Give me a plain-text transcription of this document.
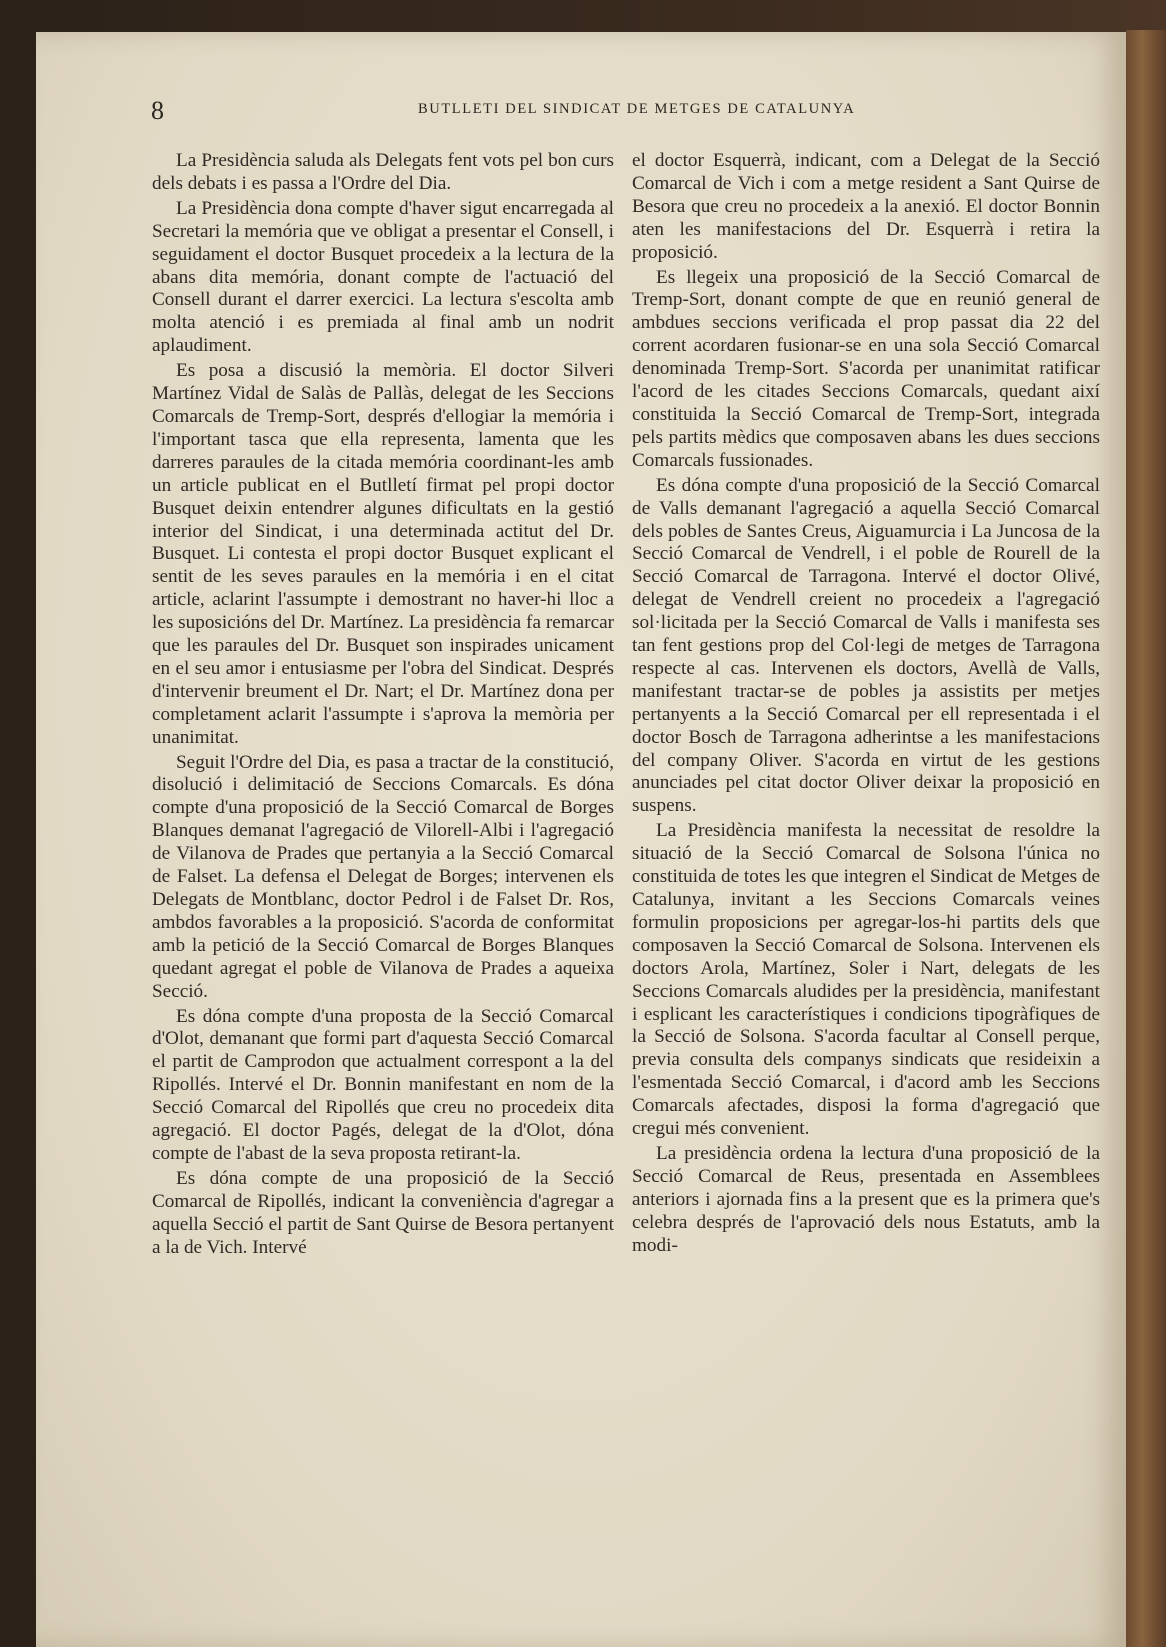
8	BUTLLETI DEL SINDICAT DE METGES DE CATALUNYA

La Presidència saluda als Delegats fent vots pel bon curs dels debats i es passa a l'Ordre del Dia.

La Presidència dona compte d'haver sigut encarregada al Secretari la memória que ve obligat a presentar el Consell, i seguidament el doctor Busquet procedeix a la lectura de la abans dita memória, donant compte de l'actuació del Consell durant el darrer exercici. La lectura s'escolta amb molta atenció i es premiada al final amb un nodrit aplaudiment.

Es posa a discusió la memòria. El doctor Silveri Martínez Vidal de Salàs de Pallàs, delegat de les Seccions Comarcals de Tremp-Sort, després d'ellogiar la memória i l'important tasca que ella representa, lamenta que les darreres paraules de la citada memória coordinant-les amb un article publicat en el Butlletí firmat pel propi doctor Busquet deixin entendrer algunes dificultats en la gestió interior del Sindicat, i una determinada actitut del Dr. Busquet. Li contesta el propi doctor Busquet explicant el sentit de les seves paraules en la memória i en el citat article, aclarint l'assumpte i demostrant no haver-hi lloc a les suposicións del Dr. Martínez. La presidència fa remarcar que les paraules del Dr. Busquet son inspirades unicament en el seu amor i entusiasme per l'obra del Sindicat. Després d'intervenir breument el Dr. Nart; el Dr. Martínez dona per completament aclarit l'assumpte i s'aprova la memòria per unanimitat.

Seguit l'Ordre del Dia, es pasa a tractar de la constitució, disolució i delimitació de Seccions Comarcals. Es dóna compte d'una proposició de la Secció Comarcal de Borges Blanques demanat l'agregació de Vilorell-Albi i l'agregació de Vilanova de Prades que pertanyia a la Secció Comarcal de Falset. La defensa el Delegat de Borges; intervenen els Delegats de Montblanc, doctor Pedrol i de Falset Dr. Ros, ambdos favorables a la proposició. S'acorda de conformitat amb la petició de la Secció Comarcal de Borges Blanques quedant agregat el poble de Vilanova de Prades a aqueixa Secció.

Es dóna compte d'una proposta de la Secció Comarcal d'Olot, demanant que formi part d'aquesta Secció Comarcal el partit de Camprodon que actualment correspont a la del Ripollés. Intervé el Dr. Bonnin manifestant en nom de la Secció Comarcal del Ripollés que creu no procedeix dita agregació. El doctor Pagés, delegat de la d'Olot, dóna compte de l'abast de la seva proposta retirant-la.

Es dóna compte de una proposició de la Secció Comarcal de Ripollés, indicant la conveniència d'agregar a aquella Secció el partit de Sant Quirse de Besora pertanyent a la de Vich. Intervé

el doctor Esquerrà, indicant, com a Delegat de la Secció Comarcal de Vich i com a metge resident a Sant Quirse de Besora que creu no procedeix a la anexió. El doctor Bonnin aten les manifestacions del Dr. Esquerrà i retira la proposició.

Es llegeix una proposició de la Secció Comarcal de Tremp-Sort, donant compte de que en reunió general de ambdues seccions verificada el prop passat dia 22 del corrent acordaren fusionar-se en una sola Secció Comarcal denominada Tremp-Sort. S'acorda per unanimitat ratificar l'acord de les citades Seccions Comarcals, quedant així constituida la Secció Comarcal de Tremp-Sort, integrada pels partits mèdics que composaven abans les dues seccions Comarcals fussionades.

Es dóna compte d'una proposició de la Secció Comarcal de Valls demanant l'agregació a aquella Secció Comarcal dels pobles de Santes Creus, Aiguamurcia i La Juncosa de la Secció Comarcal de Vendrell, i el poble de Rourell de la Secció Comarcal de Tarragona. Intervé el doctor Olivé, delegat de Vendrell creient no procedeix a l'agregació sol·licitada per la Secció Comarcal de Valls i manifesta ses tan fent gestions prop del Col·legi de metges de Tarragona respecte al cas. Intervenen els doctors, Avellà de Valls, manifestant tractar-se de pobles ja assistits per metjes pertanyents a la Secció Comarcal per ell representada i el doctor Bosch de Tarragona adherintse a les manifestacions del company Oliver. S'acorda en virtut de les gestions anunciades pel citat doctor Oliver deixar la proposició en suspens.

La Presidència manifesta la necessitat de resoldre la situació de la Secció Comarcal de Solsona l'única no constituida de totes les que integren el Sindicat de Metges de Catalunya, invitant a les Seccions Comarcals veines formulin proposicions per agregar-los-hi partits dels que composaven la Secció Comarcal de Solsona. Intervenen els doctors Arola, Martínez, Soler i Nart, delegats de les Seccions Comarcals aludides per la presidència, manifestant i esplicant les característiques i condicions tipogràfiques de la Secció de Solsona. S'acorda facultar al Consell perque, previa consulta dels companys sindicats que resideixin a l'esmentada Secció Comarcal, i d'acord amb les Seccions Comarcals afectades, disposi la forma d'agregació que cregui més convenient.

La presidència ordena la lectura d'una proposició de la Secció Comarcal de Reus, presentada en Assemblees anteriors i ajornada fins a la present que es la primera que's celebra després de l'aprovació dels nous Estatuts, amb la modi-
